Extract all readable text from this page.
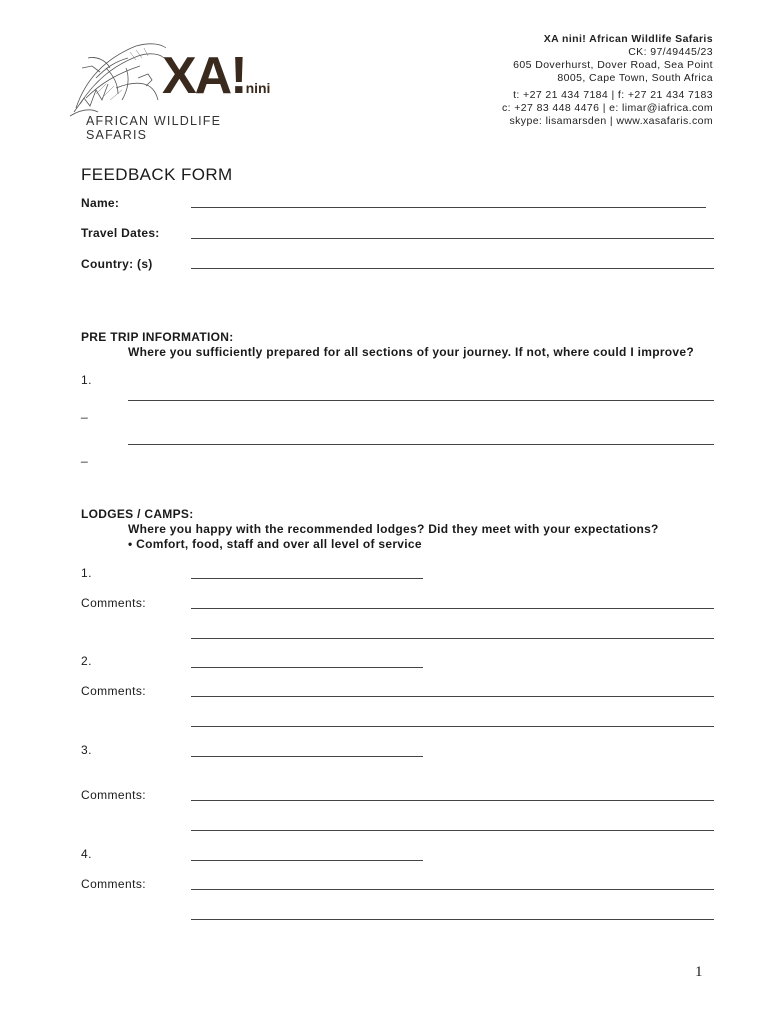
XA!nini
AFRICAN WILDLIFE SAFARIS
XA nini! African Wildlife Safaris
CK: 97/49445/23
605 Doverhurst, Dover Road, Sea Point
8005, Cape Town, South Africa
t: +27 21 434 7184 | f: +27 21 434 7183
c: +27 83 448 4476 | e: limar@iafrica.com
skype: lisamarsden | www.xasafaris.com
FEEDBACK FORM
Name:
Travel Dates:
Country: (s)
PRE TRIP INFORMATION:
Where you sufficiently prepared for all sections of your journey. If not, where could I improve?
1.
_
_
LODGES / CAMPS:
Where you happy with the recommended lodges? Did they meet with your expectations?
• Comfort, food, staff and over all level of service
1.
Comments:
2.
Comments:
3.
Comments:
4.
Comments:
1
